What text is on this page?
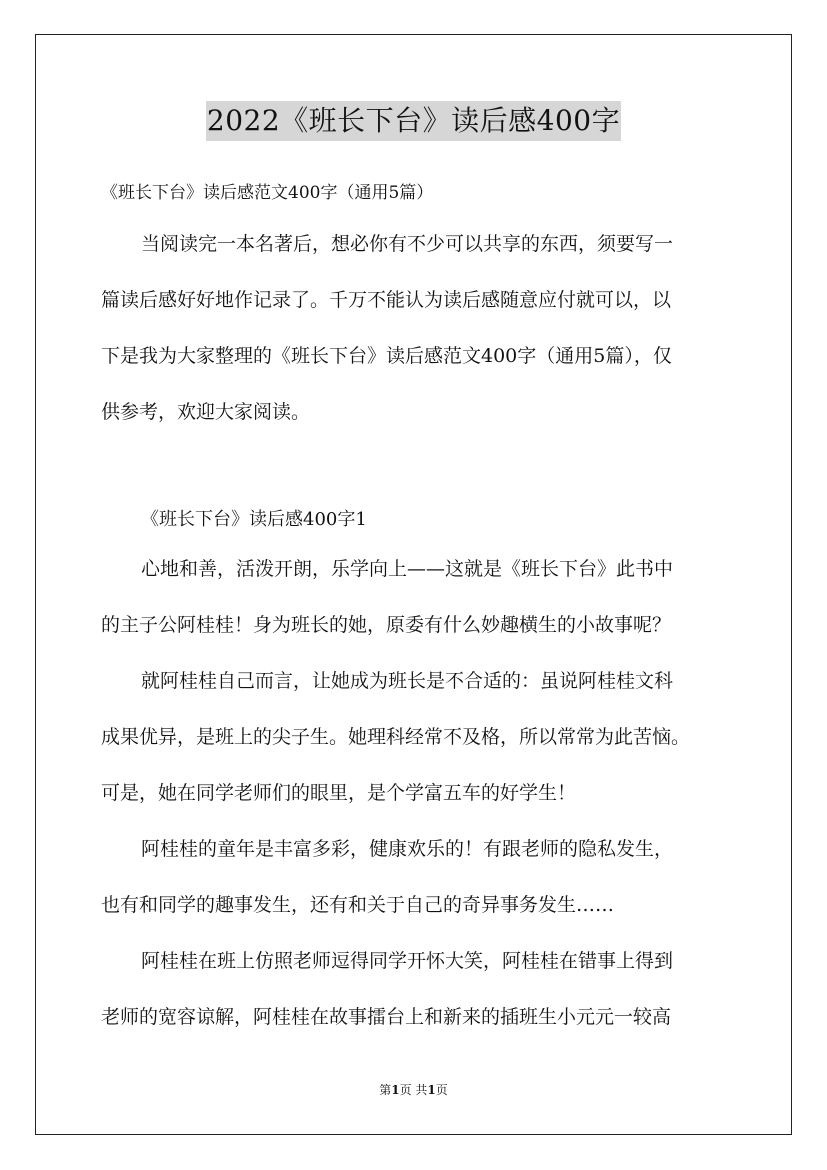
2022《班长下台》读后感400字
《班长下台》读后感范文400字（通用5篇）
当阅读完一本名著后，想必你有不少可以共享的东西，须要写一
篇读后感好好地作记录了。千万不能认为读后感随意应付就可以，以
下是我为大家整理的《班长下台》读后感范文400字（通用5篇），仅
供参考，欢迎大家阅读。
《班长下台》读后感400字1
心地和善，活泼开朗，乐学向上——这就是《班长下台》此书中
的主子公阿桂桂！身为班长的她，原委有什么妙趣横生的小故事呢？
就阿桂桂自己而言，让她成为班长是不合适的：虽说阿桂桂文科
成果优异，是班上的尖子生。她理科经常不及格，所以常常为此苦恼。
可是，她在同学老师们的眼里，是个学富五车的好学生！
阿桂桂的童年是丰富多彩，健康欢乐的！有跟老师的隐私发生，
也有和同学的趣事发生，还有和关于自己的奇异事务发生……
阿桂桂在班上仿照老师逗得同学开怀大笑，阿桂桂在错事上得到
老师的宽容谅解，阿桂桂在故事擂台上和新来的插班生小元元一较高
第1页 共1页
